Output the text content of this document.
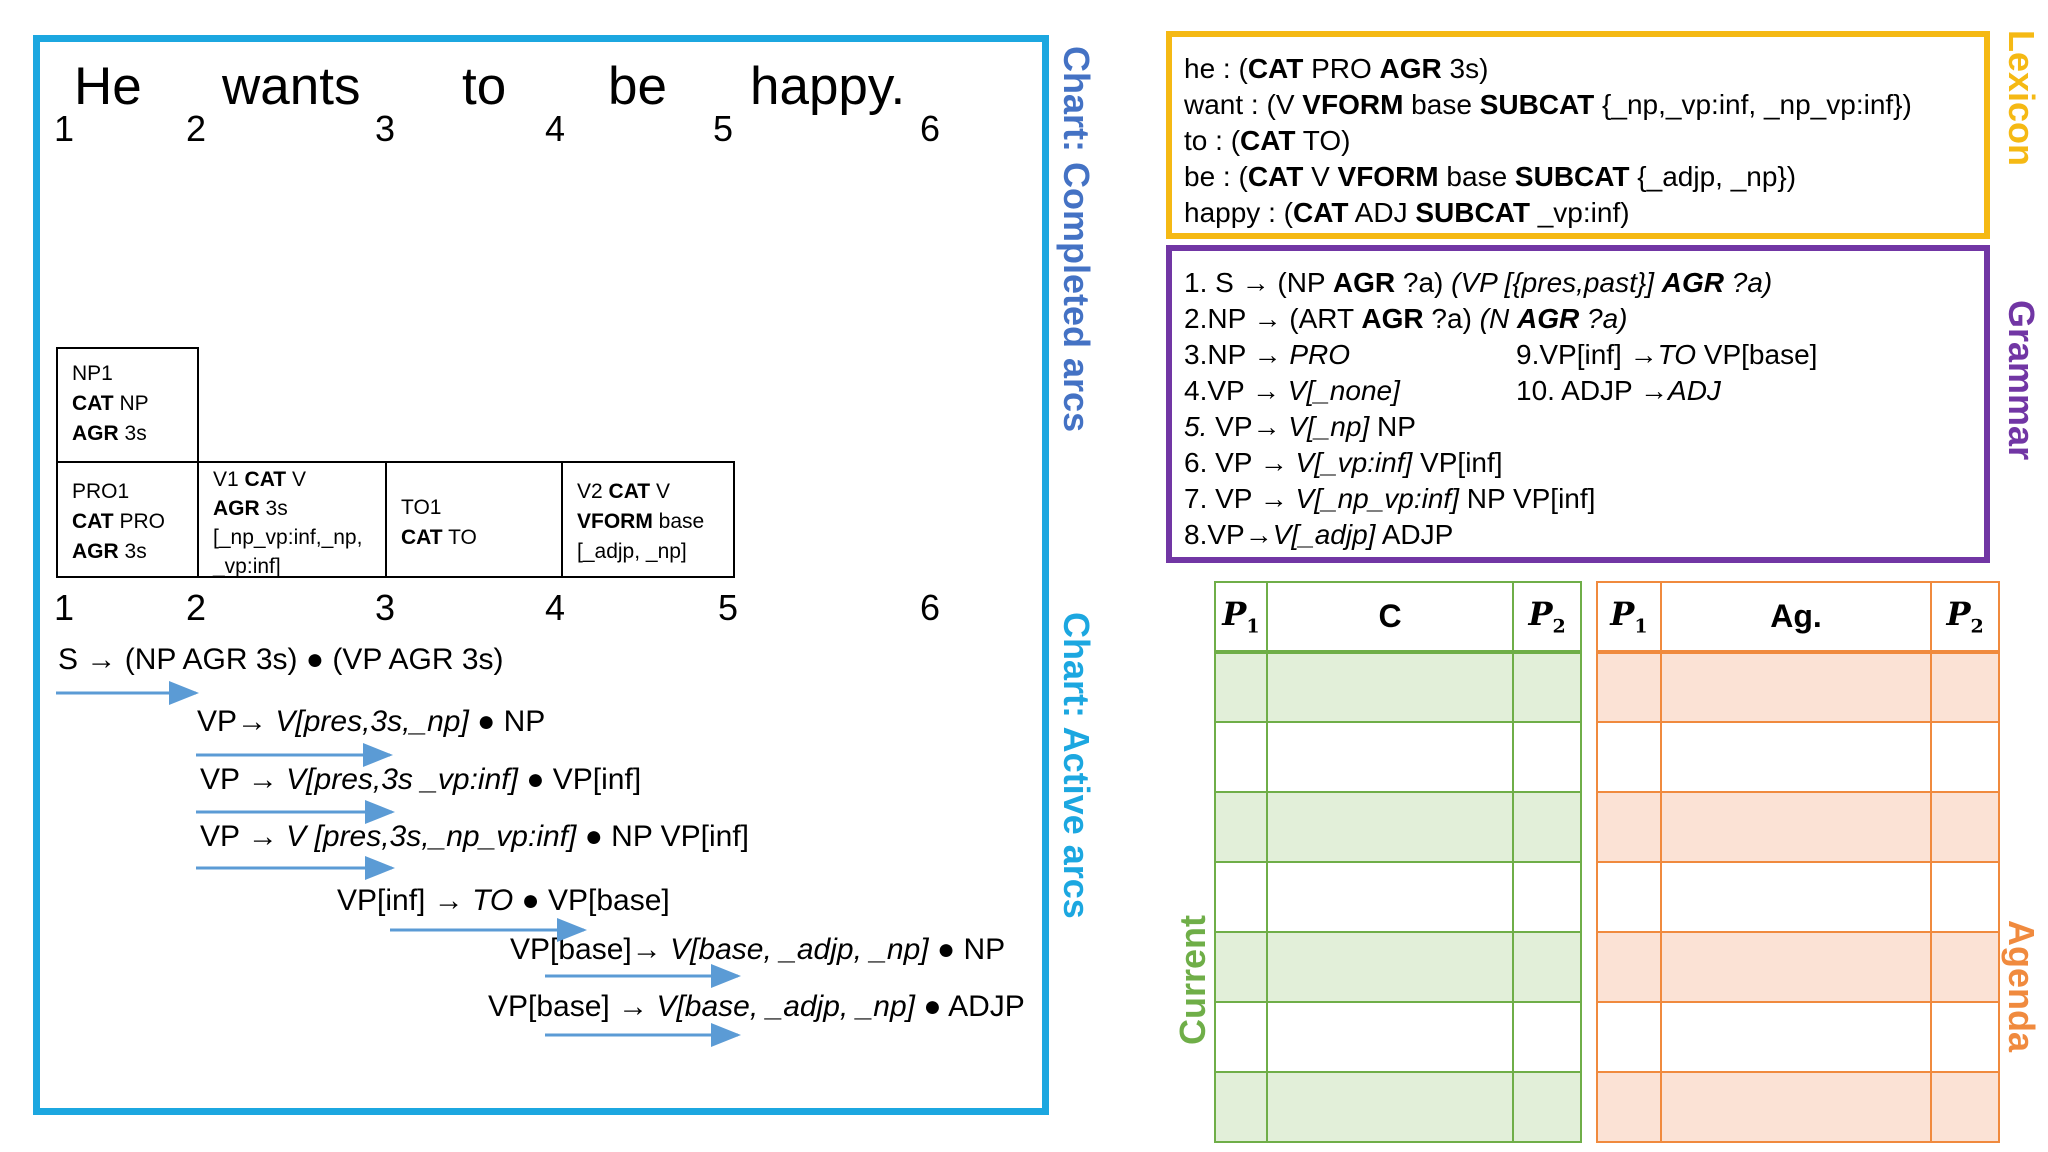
1
He
2
wants
3
to
4
be
5
happy.
6
NP1
CAT NP
AGR 3s
PRO1
CAT PRO
AGR 3s
V1 CAT V
AGR 3s
[_np_vp:inf,_np,
_vp:inf]
TO1
CAT TO
V2 CAT V
VFORM base
[_adjp, _np]
1	2	3	4	5	6
S → (NP AGR 3s) ● (VP AGR 3s)
VP→ V[pres,3s,_np] ● NP
VP → V[pres,3s _vp:inf] ● VP[inf]
VP → V [pres,3s,_np_vp:inf] ● NP VP[inf]
VP[inf] → TO ● VP[base]
VP[base]→ V[base, _adjp, _np] ● NP
VP[base] → V[base, _adjp, _np] ● ADJP
Chart: Completed arcs
Chart: Active arcs
he : (CAT PRO AGR 3s)
want : (V VFORM base SUBCAT {_np,_vp:inf, _np_vp:inf})
to : (CAT TO)
be : (CAT V VFORM base SUBCAT {_adjp, _np})
happy : (CAT ADJ SUBCAT _vp:inf)
Lexicon
1. S → (NP AGR ?a) (VP [{pres,past}] AGR ?a)
2.NP → (ART AGR ?a) (N AGR ?a)
3.NP → PRO
4.VP → V[_none]
5. VP→ V[_np] NP
6. VP → V[_vp:inf] VP[inf]
7. VP → V[_np_vp:inf] NP VP[inf]
8.VP→V[_adjp] ADJP
9.VP[inf] →TO VP[base]
10. ADJP →ADJ	Grammar
$P_1$	C	$P_2$

Current
$P_1$	Ag.	$P_2$

Agenda
